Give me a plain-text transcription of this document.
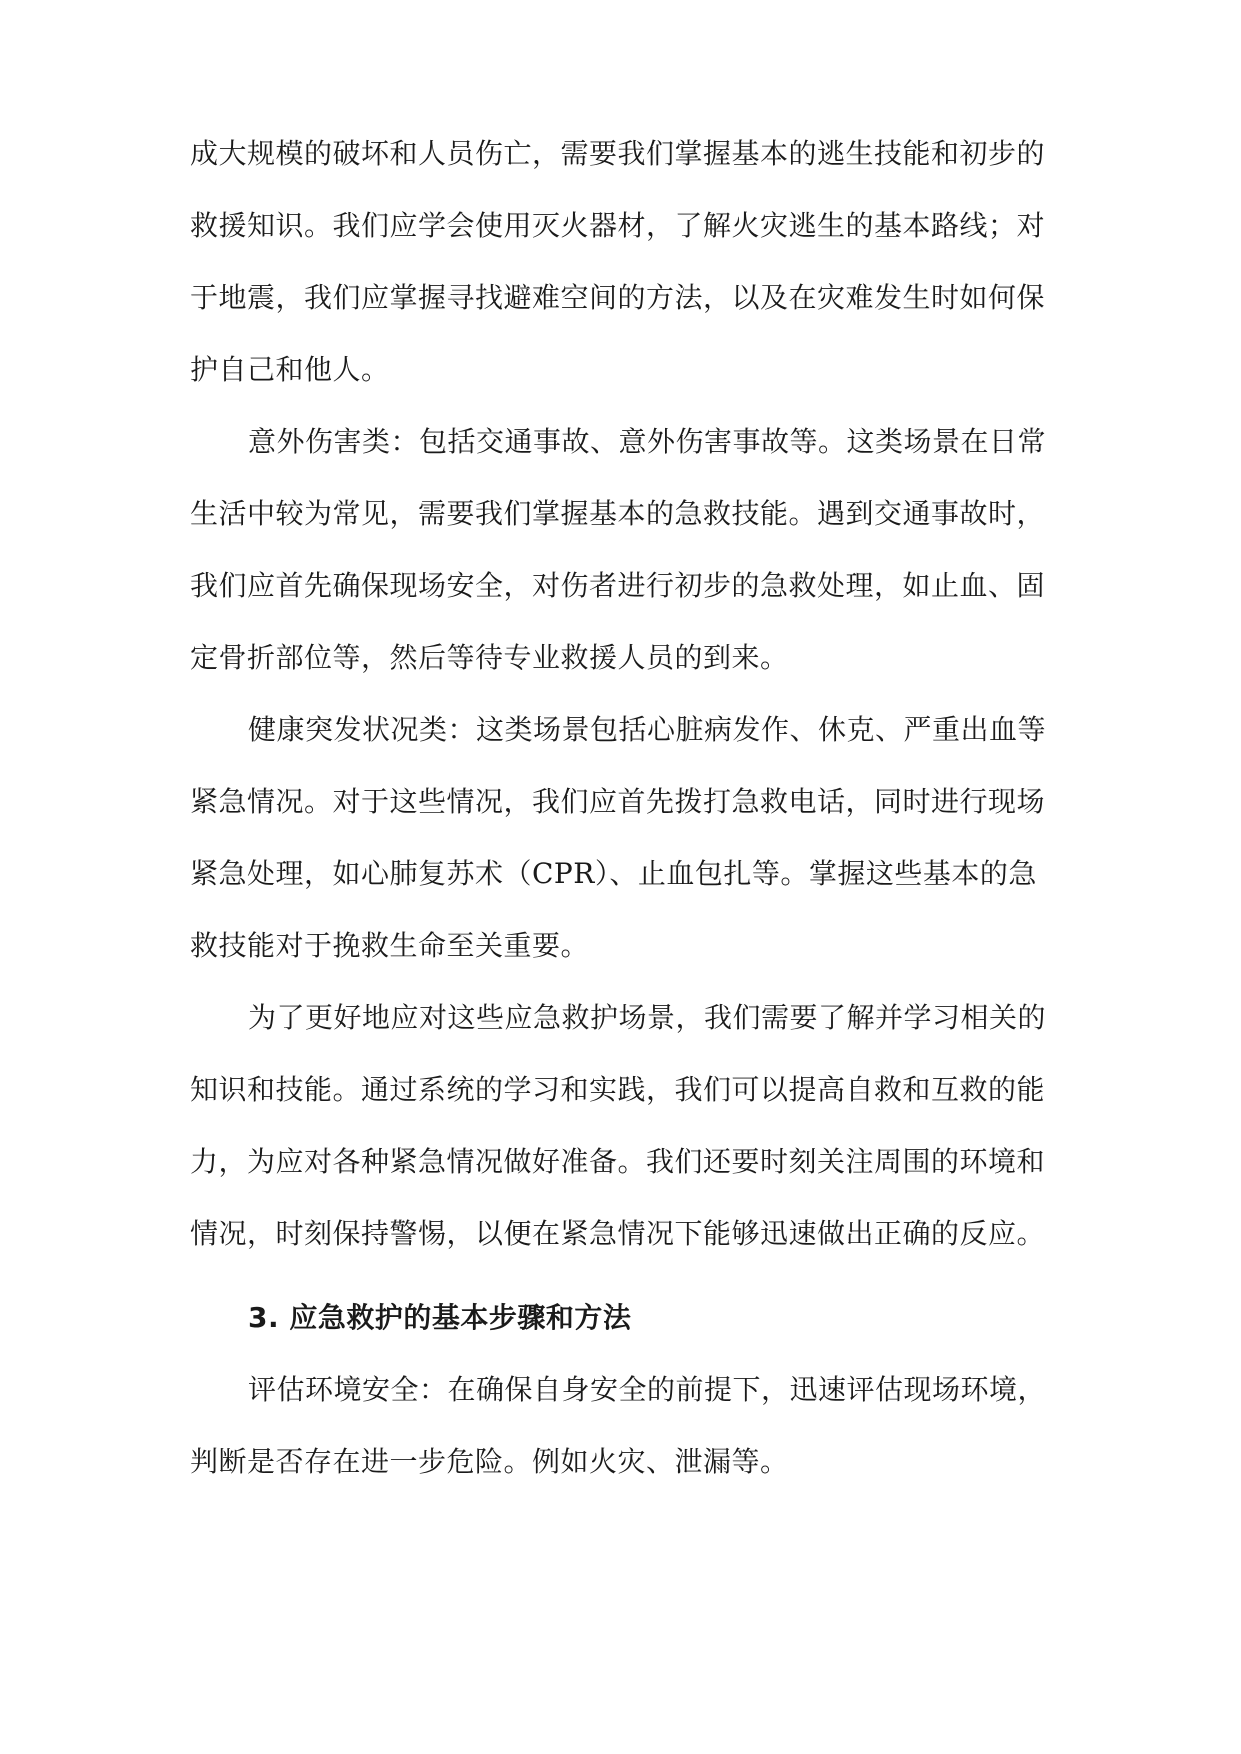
成大规模的破坏和人员伤亡，需要我们掌握基本的逃生技能和初步的
救援知识。我们应学会使用灭火器材，了解火灾逃生的基本路线；对
于地震，我们应掌握寻找避难空间的方法，以及在灾难发生时如何保
护自己和他人。
意外伤害类：包括交通事故、意外伤害事故等。这类场景在日常
生活中较为常见，需要我们掌握基本的急救技能。遇到交通事故时，
我们应首先确保现场安全，对伤者进行初步的急救处理，如止血、固
定骨折部位等，然后等待专业救援人员的到来。
健康突发状况类：这类场景包括心脏病发作、休克、严重出血等
紧急情况。对于这些情况，我们应首先拨打急救电话，同时进行现场
紧急处理，如心肺复苏术（CPR）、止血包扎等。掌握这些基本的急
救技能对于挽救生命至关重要。
为了更好地应对这些应急救护场景，我们需要了解并学习相关的
知识和技能。通过系统的学习和实践，我们可以提高自救和互救的能
力，为应对各种紧急情况做好准备。我们还要时刻关注周围的环境和
情况，时刻保持警惕，以便在紧急情况下能够迅速做出正确的反应。
3. 应急救护的基本步骤和方法
评估环境安全：在确保自身安全的前提下，迅速评估现场环境，
判断是否存在进一步危险。例如火灾、泄漏等。
